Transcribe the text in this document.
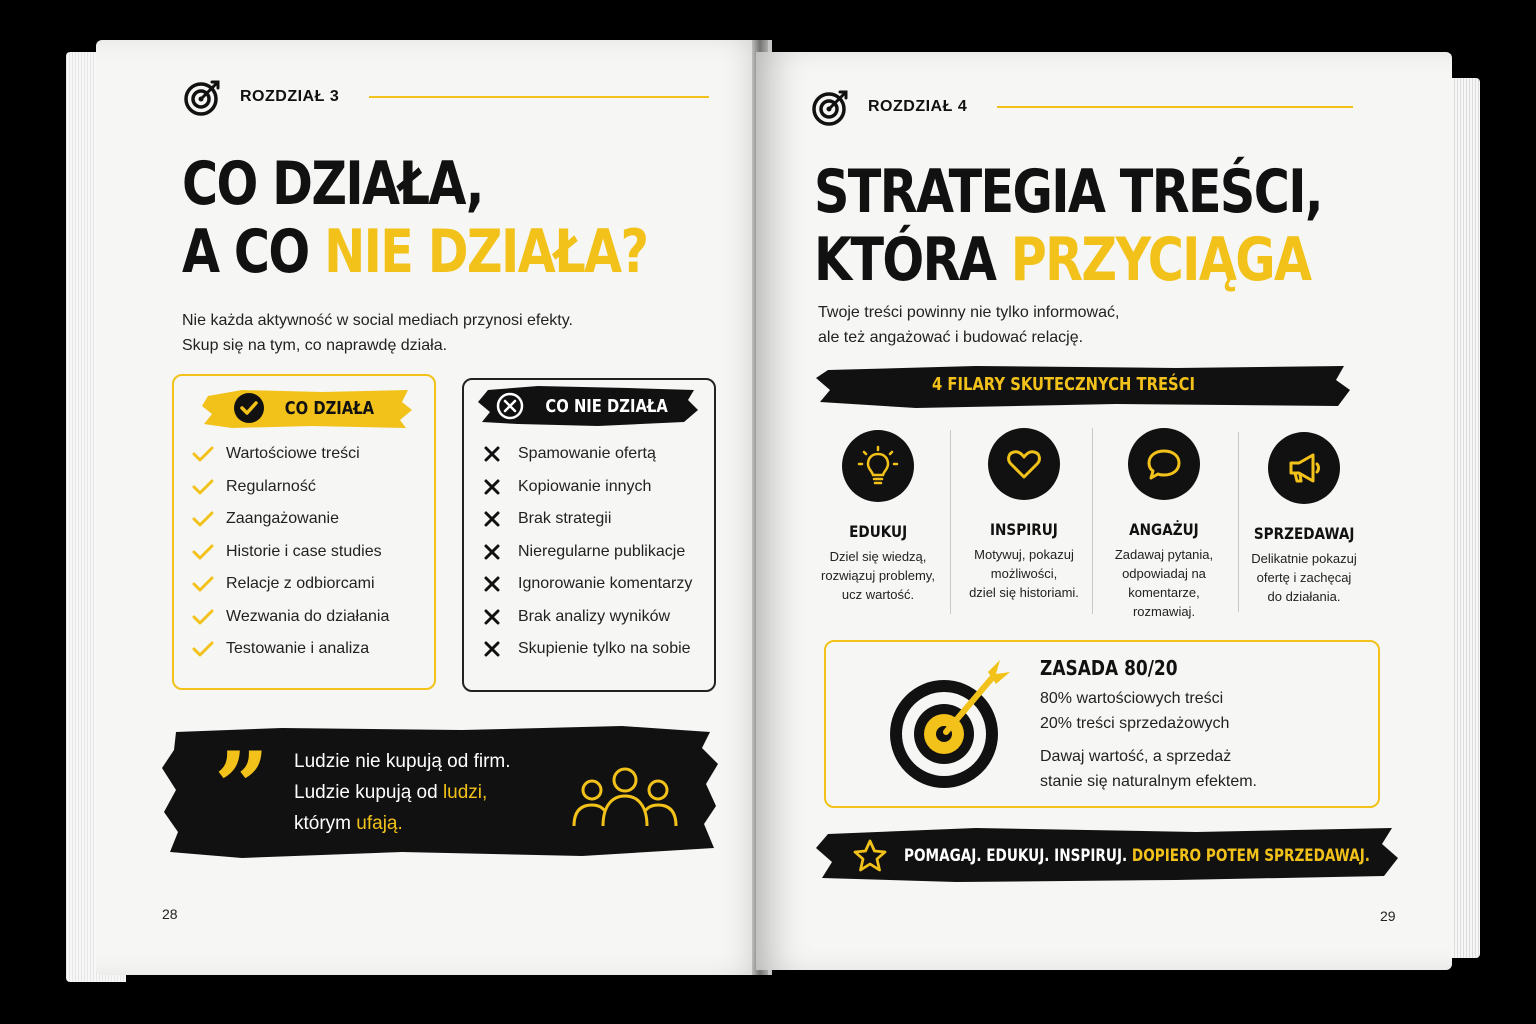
ROZDZIAŁ 3
CO DZIAŁA,
A CO NIE DZIAŁA?
Nie każda aktywność w social mediach przynosi efekty.
Skup się na tym, co naprawdę działa.
CO DZIAŁA
Wartościowe treści
Regularność
Zaangażowanie
Historie i case studies
Relacje z odbiorcami
Wezwania do działania
Testowanie i analiza
CO NIE DZIAŁA
Spamowanie ofertą
Kopiowanie innych
Brak strategii
Nieregularne publikacje
Ignorowanie komentarzy
Brak analizy wyników
Skupienie tylko na sobie
” Ludzie nie kupują od firm.
Ludzie kupują od ludzi,
którym ufają.
28
ROZDZIAŁ 4
STRATEGIA TREŚCI,
KTÓRA PRZYCIĄGA
Twoje treści powinny nie tylko informować,
ale też angażować i budować relację.
4 FILARY SKUTECZNYCH TREŚCI
EDUKUJ
Dziel się wiedzą,
rozwiązuj problemy,
ucz wartość.
INSPIRUJ
Motywuj, pokazuj
możliwości,
dziel się historiami.
ANGAŻUJ
Zadawaj pytania,
odpowiadaj na
komentarze,
rozmawiaj.
SPRZEDAWAJ
Delikatnie pokazuj
ofertę i zachęcaj
do działania.
ZASADA 80/20
80% wartościowych treści
20% treści sprzedażowych
Dawaj wartość, a sprzedaż
stanie się naturalnym efektem.
POMAGAJ. EDUKUJ. INSPIRUJ. DOPIERO POTEM SPRZEDAWAJ.
29
